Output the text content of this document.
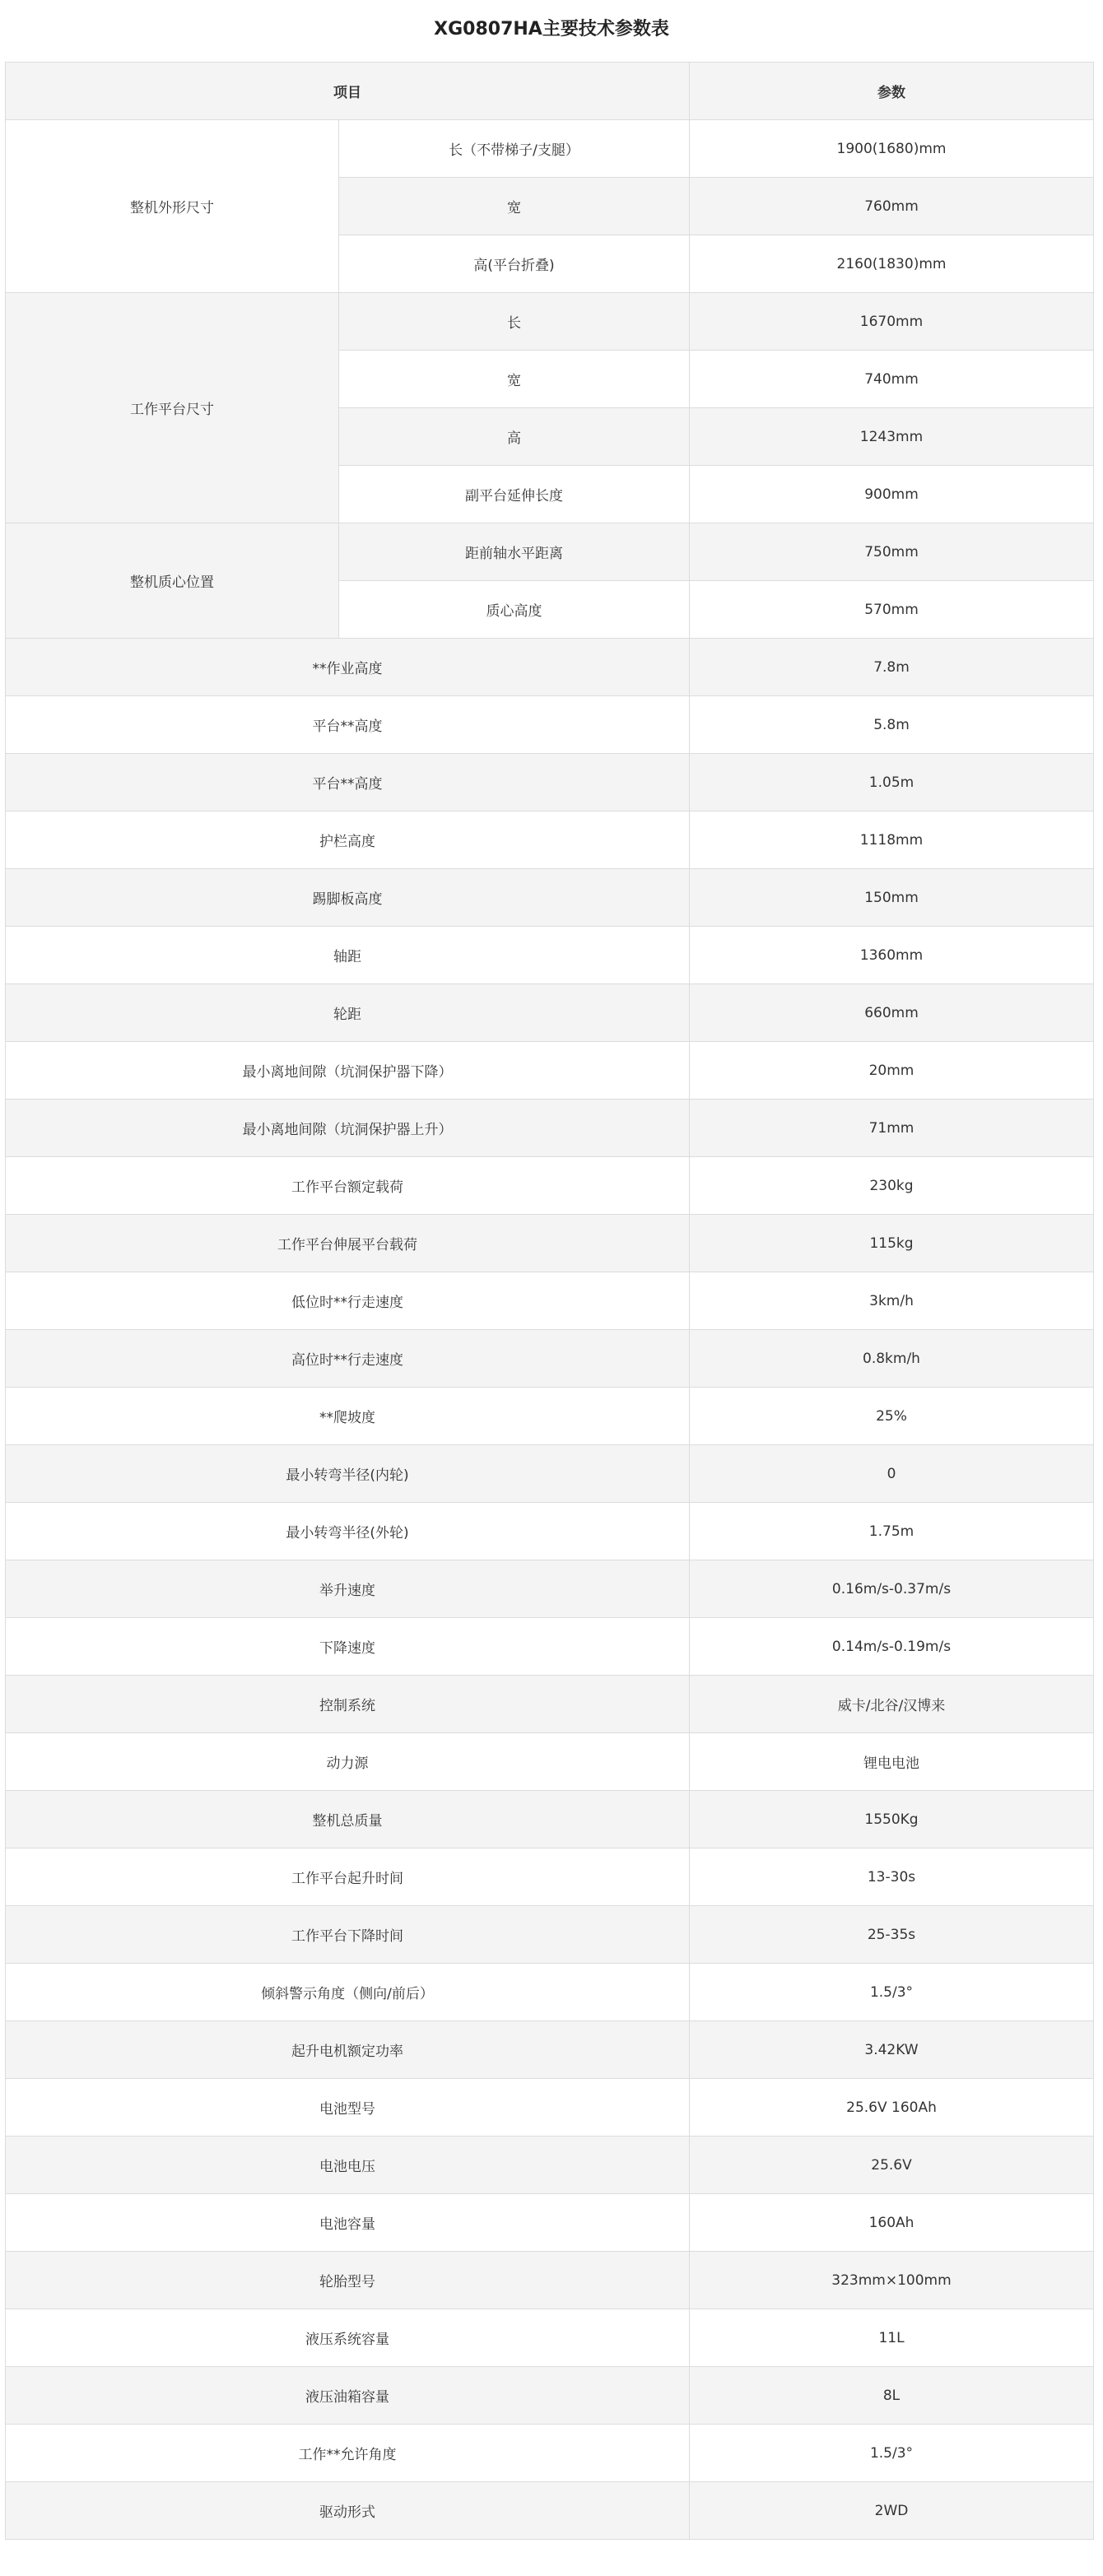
XG0807HA主要技术参数表
项目		参数
整机外形尺寸	长（不带梯子/支腿）	1900(1680)mm
	宽	760mm
	高(平台折叠)	2160(1830)mm
工作平台尺寸	长	1670mm
	宽	740mm
	高	1243mm
	副平台延伸长度	900mm
整机质心位置	距前轴水平距离	750mm
	质心高度	570mm
**作业高度		7.8m
平台**高度		5.8m
平台**高度		1.05m
护栏高度		1118mm
踢脚板高度		150mm
轴距		1360mm
轮距		660mm
最小离地间隙（坑洞保护器下降）		20mm
最小离地间隙（坑洞保护器上升）		71mm
工作平台额定载荷		230kg
工作平台伸展平台载荷		115kg
低位时**行走速度		3km/h
高位时**行走速度		0.8km/h
**爬坡度		25%
最小转弯半径(内轮)		0
最小转弯半径(外轮)		1.75m
举升速度		0.16m/s-0.37m/s
下降速度		0.14m/s-0.19m/s
控制系统		威卡/北谷/汉博来
动力源		锂电电池
整机总质量		1550Kg
工作平台起升时间		13-30s
工作平台下降时间		25-35s
倾斜警示角度（侧向/前后）		1.5/3°
起升电机额定功率		3.42KW
电池型号		25.6V 160Ah
电池电压		25.6V
电池容量		160Ah
轮胎型号		323mm×100mm
液压系统容量		11L
液压油箱容量		8L
工作**允许角度		1.5/3°
驱动形式		2WD
